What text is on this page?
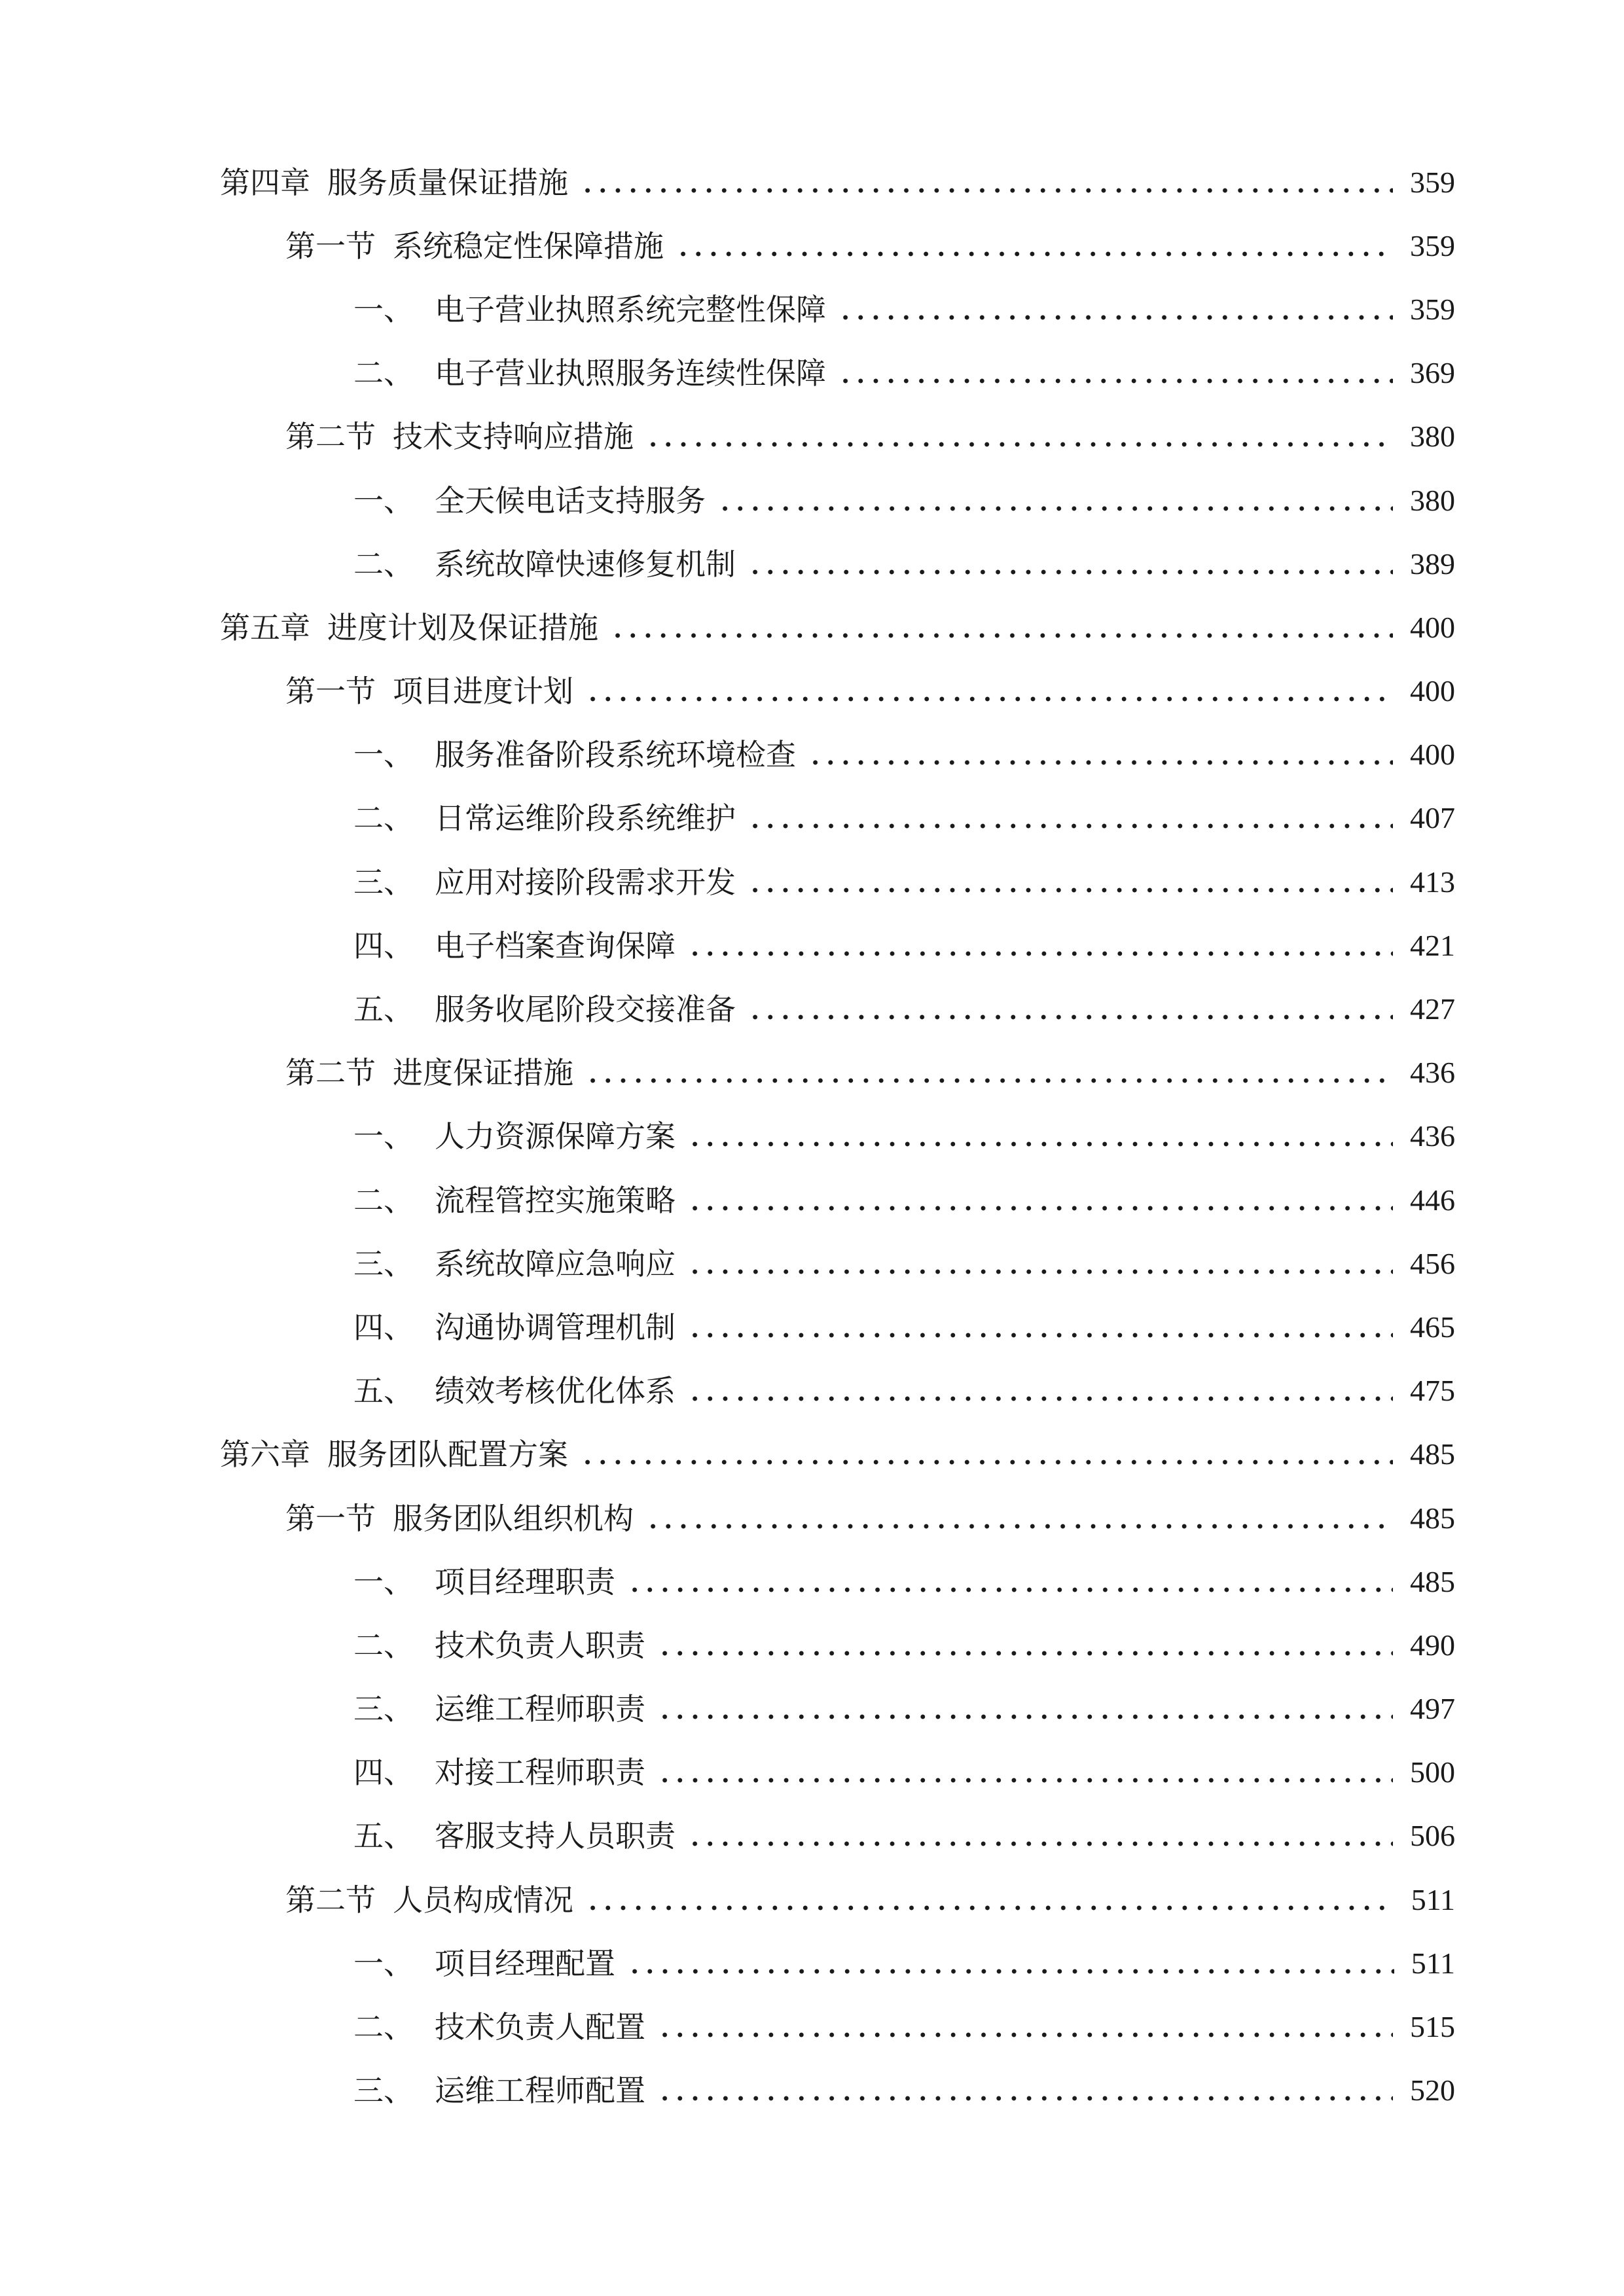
第四章 服务质量保证措施	359
第一节 系统稳定性保障措施	359
一、 电子营业执照系统完整性保障	359
二、 电子营业执照服务连续性保障	369
第二节 技术支持响应措施	380
一、 全天候电话支持服务	380
二、 系统故障快速修复机制	389
第五章 进度计划及保证措施	400
第一节 项目进度计划	400
一、 服务准备阶段系统环境检查	400
二、 日常运维阶段系统维护	407
三、 应用对接阶段需求开发	413
四、 电子档案查询保障	421
五、 服务收尾阶段交接准备	427
第二节 进度保证措施	436
一、 人力资源保障方案	436
二、 流程管控实施策略	446
三、 系统故障应急响应	456
四、 沟通协调管理机制	465
五、 绩效考核优化体系	475
第六章 服务团队配置方案	485
第一节 服务团队组织机构	485
一、 项目经理职责	485
二、 技术负责人职责	490
三、 运维工程师职责	497
四、 对接工程师职责	500
五、 客服支持人员职责	506
第二节 人员构成情况	511
一、 项目经理配置	511
二、 技术负责人配置	515
三、 运维工程师配置	520
